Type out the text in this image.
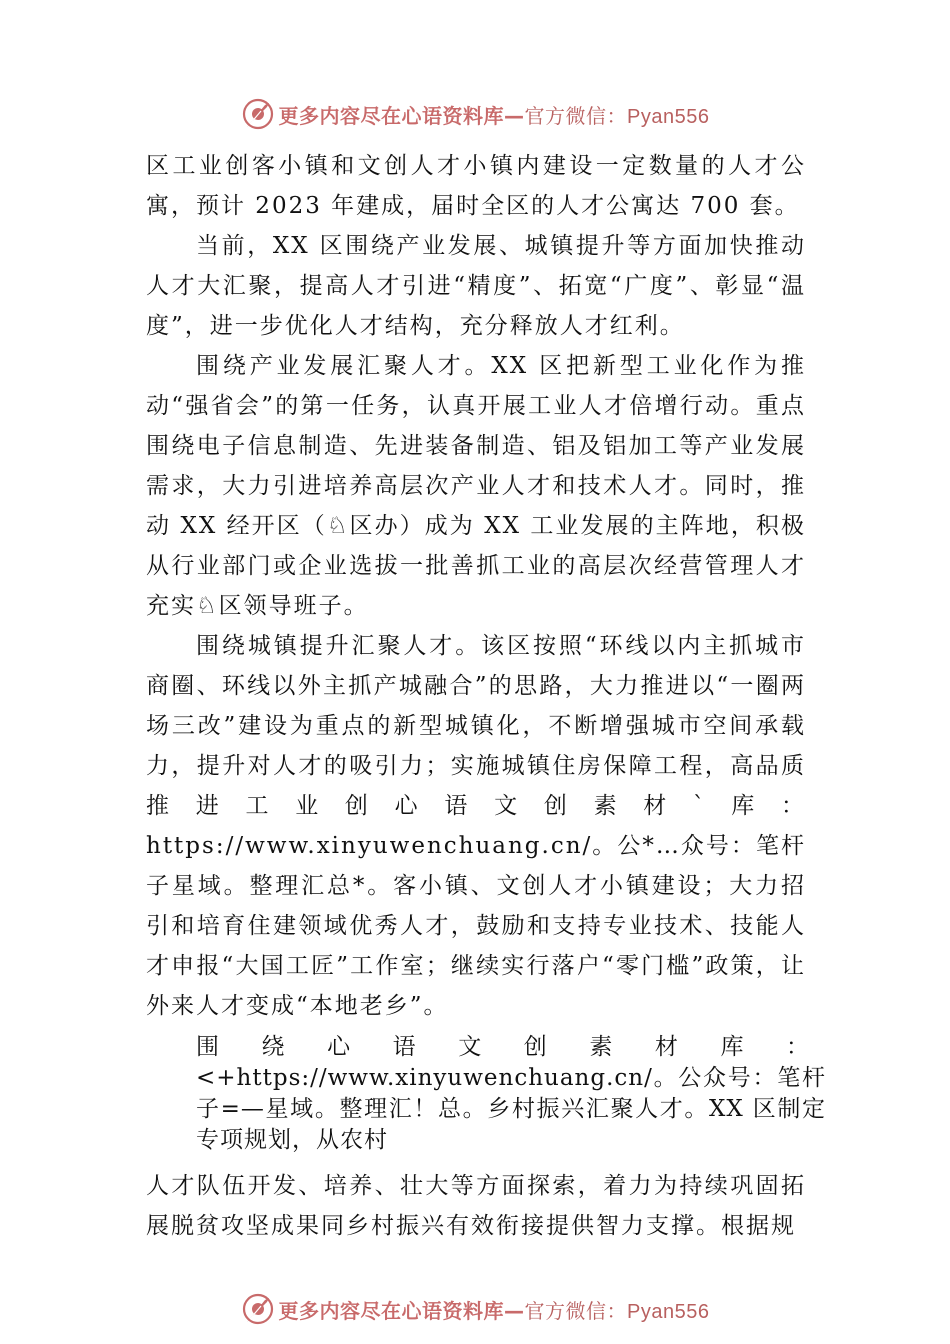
更多内容尽在心语资料库—官方微信：Pyan556

区工业创客小镇和文创人才小镇内建设一定数量的人才公寓，预计 2023 年建成，届时全区的人才公寓达 700 套。

当前，XX 区围绕产业发展、城镇提升等方面加快推动人才大汇聚，提高人才引进“精度”、拓宽“广度”、彰显“温度”，进一步优化人才结构，充分释放人才红利。

围绕产业发展汇聚人才。XX 区把新型工业化作为推动“强省会”的第一任务，认真开展工业人才倍增行动。重点围绕电子信息制造、先进装备制造、铝及铝加工等产业发展需求，大力引进培养高层次产业人才和技术人才。同时，推动 XX 经开区（♘区办）成为 XX 工业发展的主阵地，积极从行业部门或企业选拔一批善抓工业的高层次经营管理人才充实♘区领导班子。

围绕城镇提升汇聚人才。该区按照“环线以内主抓城市商圈、环线以外主抓产城融合”的思路，大力推进以“一圈两场三改”建设为重点的新型城镇化，不断增强城市空间承载力，提升对人才的吸引力；实施城镇住房保障工程，高品质推进工业创心语文创素材`库：https://www.xinyuwenchuang.cn/。公*…众号：笔杆子星域。整理汇总*。客小镇、文创人才小镇建设；大力招引和培育住建领域优秀人才，鼓励和支持专业技术、技能人才申报“大国工匠”工作室；继续实行落户“零门槛”政策，让外来人才变成“本地老乡”。

围绕心语文创素材库：<+https://www.xinyuwenchuang.cn/。公众号：笔杆子=—星域。整理汇！总。乡村振兴汇聚人才。XX 区制定专项规划，从农村

人才队伍开发、培养、壮大等方面探索，着力为持续巩固拓展脱贫攻坚成果同乡村振兴有效衔接提供智力支撑。根据规

更多内容尽在心语资料库—官方微信：Pyan556
